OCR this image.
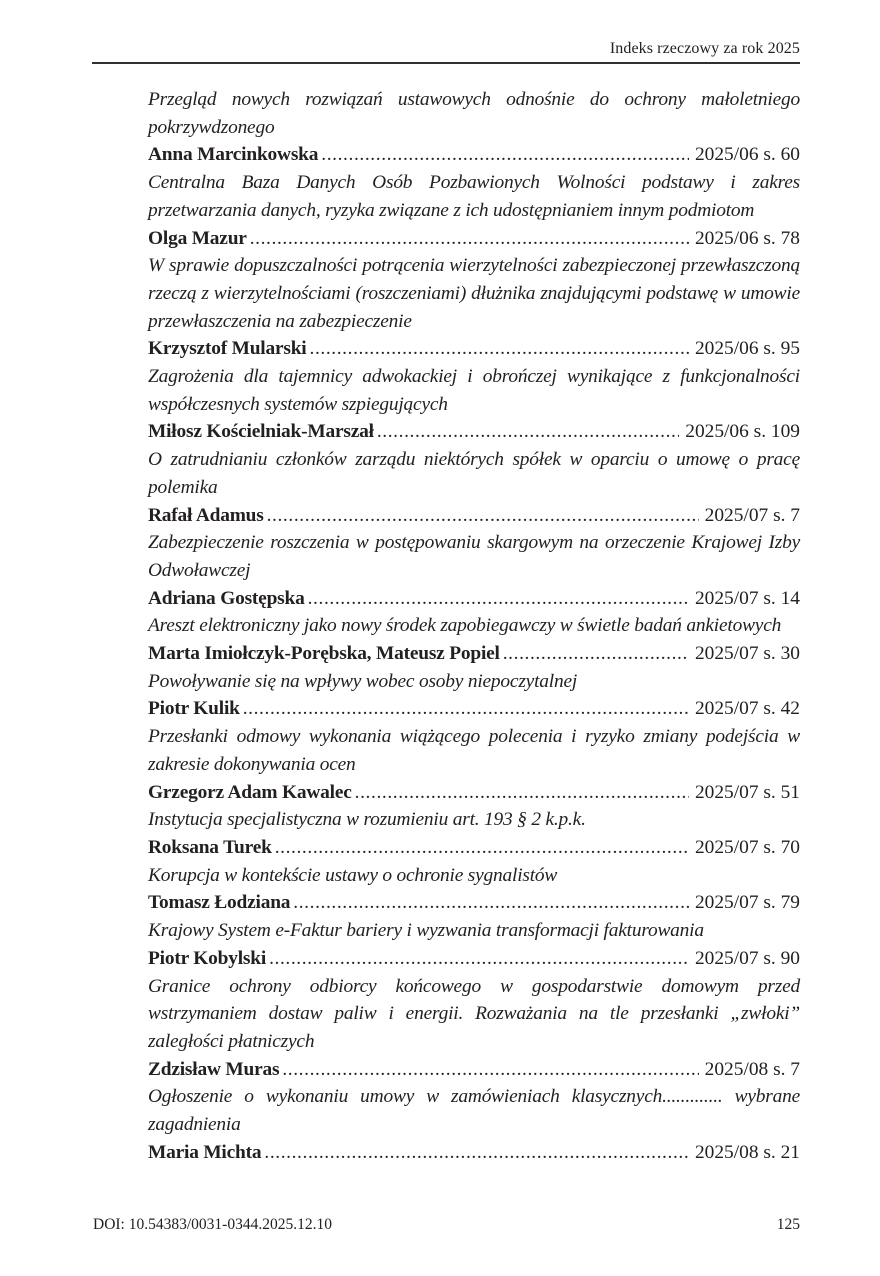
Indeks rzeczowy za rok 2025
Przegląd nowych rozwiązań ustawowych odnośnie do ochrony małoletniego pokrzywdzonego
Anna Marcinkowska .....	2025/06 s. 60
Centralna Baza Danych Osób Pozbawionych Wolności podstawy i zakres przetwarzania danych, ryzyka związane z ich udostępnianiem innym podmiotom
Olga Mazur .....	2025/06 s. 78
W sprawie dopuszczalności potrącenia wierzytelności zabezpieczonej przewłaszczoną rzeczą z wierzytelnościami (roszczeniami) dłużnika znajdującymi podstawę w umowie przewłaszczenia na zabezpieczenie
Krzysztof Mularski .....	2025/06 s. 95
Zagrożenia dla tajemnicy adwokackiej i obrończej wynikające z funkcjonalności współczesnych systemów szpiegujących
Miłosz Kościelniak-Marszał .....	2025/06 s. 109
O zatrudnianiu członków zarządu niektórych spółek w oparciu o umowę o pracę polemika
Rafał Adamus .....	2025/07 s. 7
Zabezpieczenie roszczenia w postępowaniu skargowym na orzeczenie Krajowej Izby Odwoławczej
Adriana Gostępska .....	2025/07 s. 14
Areszt elektroniczny jako nowy środek zapobiegawczy w świetle badań ankietowych
Marta Imiołczyk-Porębska, Mateusz Popiel .....	2025/07 s. 30
Powoływanie się na wpływy wobec osoby niepoczytalnej
Piotr Kulik .....	2025/07 s. 42
Przesłanki odmowy wykonania wiążącego polecenia i ryzyko zmiany podejścia w zakresie dokonywania ocen
Grzegorz Adam Kawalec .....	2025/07 s. 51
Instytucja specjalistyczna w rozumieniu art. 193 § 2 k.p.k.
Roksana Turek .....	2025/07 s. 70
Korupcja w kontekście ustawy o ochronie sygnalistów
Tomasz Łodziana .....	2025/07 s. 79
Krajowy System e-Faktur bariery i wyzwania transformacji fakturowania
Piotr Kobylski .....	2025/07 s. 90
Granice ochrony odbiorcy końcowego w gospodarstwie domowym przed wstrzymaniem dostaw paliw i energii. Rozważania na tle przesłanki „zwłoki” zaległości płatniczych
Zdzisław Muras .....	2025/08 s. 7
Ogłoszenie o wykonaniu umowy w zamówieniach klasycznych............. wybrane zagadnienia
Maria Michta .....	2025/08 s. 21
DOI: 10.54383/0031-0344.2025.12.10	125
